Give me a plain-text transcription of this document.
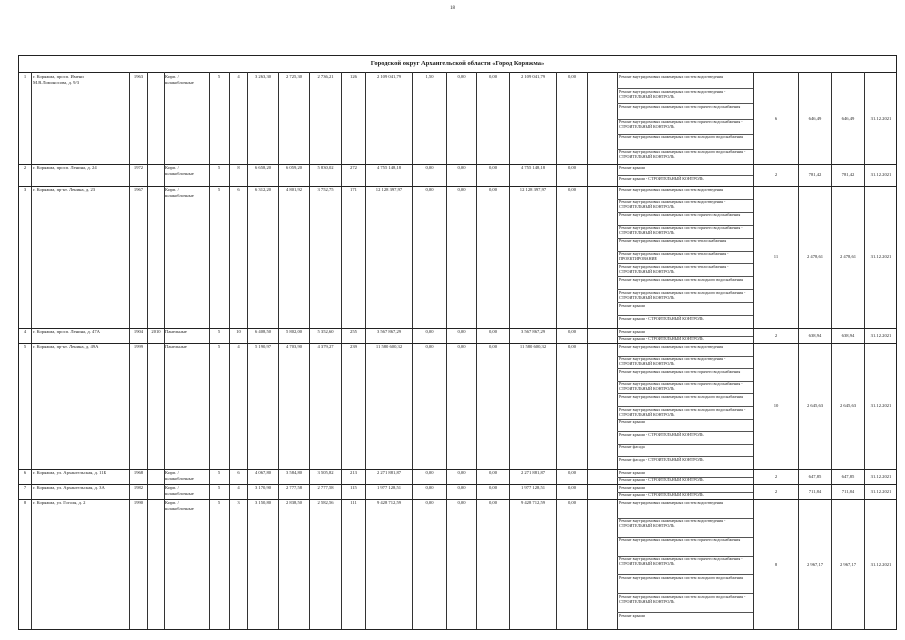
18
Городской округ Архангельской области «Город Коряжма»
1	г. Коряжма, просп. Имени
М.В.Ломоносова, д. 9/3
1963	Кирп. /
шлакоблочные
5	4	3 263,30	2 725,30	2 736,21	126	2 109 041,79	1,50	0,00	0,00	2 109 041,79	0,00	Ремонт внутридомовых инженерных систем водоотведения
Ремонт внутридомовых инженерных систем водоотведения - СТРОИТЕЛЬНЫЙ КОНТРОЛЬ
Ремонт внутридомовых инженерных систем горячего водоснабжения
Ремонт внутридомовых инженерных систем горячего водоснабжения - СТРОИТЕЛЬНЫЙ КОНТРОЛЬ
Ремонт внутридомовых инженерных систем холодного водоснабжения
Ремонт внутридомовых инженерных систем холодного водоснабжения - СТРОИТЕЛЬНЫЙ КОНТРОЛЬ
6	646,49	646,49	31.12.2021
2	г. Коряжма, просп. Ленина, д. 24	1972	Кирп. /
шлакоблочные
5	8	6 658,20	6 059,20	5 830,02	272	4 755 148,18	0,00	0,00	0,00	4 755 148,18	0,00	Ремонт крыши
Ремонт крыши - СТРОИТЕЛЬНЫЙ КОНТРОЛЬ
2	781,42	781,42	31.12.2021
3	г. Коряжма, пр-кт. Ленина, д. 23	1967	Кирп. /
шлакоблочные
5	6	6 312,20	4 801,92	3 752,75	171	12 128 397,97	0,00	0,00	0,00	12 128 397,97	0,00	Ремонт внутридомовых инженерных систем водоотведения
Ремонт внутридомовых инженерных систем водоотведения - СТРОИТЕЛЬНЫЙ КОНТРОЛЬ
Ремонт внутридомовых инженерных систем горячего водоснабжения
Ремонт внутридомовых инженерных систем горячего водоснабжения - СТРОИТЕЛЬНЫЙ КОНТРОЛЬ
Ремонт внутридомовых инженерных систем теплоснабжения
Ремонт внутридомовых инженерных систем теплоснабжения - ПРОЕКТИРОВАНИЕ
Ремонт внутридомовых инженерных систем теплоснабжения - СТРОИТЕЛЬНЫЙ КОНТРОЛЬ
Ремонт внутридомовых инженерных систем холодного водоснабжения
Ремонт внутридомовых инженерных систем холодного водоснабжения - СТРОИТЕЛЬНЫЙ КОНТРОЛЬ
Ремонт крыши
Ремонт крыши - СТРОИТЕЛЬНЫЙ КОНТРОЛЬ
11	2 478,61	2 478,61	31.12.2021
4	г. Коряжма, просп. Ленина, д. 47А	1904	2010 Панельные	5	10	6 408,50	5 802,00	5 352,60	255	3 567 867,29	0,00	0,00	0,00	3 567 867,29	0,00	Ремонт крыши
Ремонт крыши - СТРОИТЕЛЬНЫЙ КОНТРОЛЬ
2	638,94	638,94	31.12.2021
5	г. Коряжма, пр-кт. Ленина, д. 49А	1999	Панельные	5	4	5 190,97	4 703,90	4 379,27	239	11 580 600,32	0,00	0,00	0,00	11 580 600,32	0,00	Ремонт внутридомовых инженерных систем водоотведения
Ремонт внутридомовых инженерных систем водоотведения - СТРОИТЕЛЬНЫЙ КОНТРОЛЬ
Ремонт внутридомовых инженерных систем горячего водоснабжения
Ремонт внутридомовых инженерных систем горячего водоснабжения - СТРОИТЕЛЬНЫЙ КОНТРОЛЬ
Ремонт внутридомовых инженерных систем холодного водоснабжения
Ремонт внутридомовых инженерных систем холодного водоснабжения - СТРОИТЕЛЬНЫЙ КОНТРОЛЬ
Ремонт крыши
Ремонт крыши - СТРОИТЕЛЬНЫЙ КОНТРОЛЬ
Ремонт фасада
Ремонт фасада - СТРОИТЕЛЬНЫЙ КОНТРОЛЬ
10	2 645,63	2 645,63	31.12.2021
6	г. Коряжма, ул. Архангельская, д. 11Б	1968	Кирп. /
шлакоблочные
5	6	4 067,80	3 584,80	3 505,82	213	2 271 881,87	0,00	0,00	0,00	2 271 881,87	0,00	Ремонт крыши
Ремонт крыши - СТРОИТЕЛЬНЫЙ КОНТРОЛЬ
2	647,85	647,85	31.12.2021
7	г. Коряжма, ул. Архангельская, д. 3А	1982	Кирп. /
шлакоблочные
5	4	3 170,90	2 777,58	2 777,58	115	1 977 128,51	0,00	0,00	0,00	1 977 128,51	0,00	Ремонт крыши
Ремонт крыши - СТРОИТЕЛЬНЫЙ КОНТРОЛЬ
2	711,84	711,84	31.12.2021
8	г. Коряжма, ул. Гоголя, д. 2	1990	Кирп. /
шлакоблочные
5	3	3 150,80	2 838,50	2 582,56	111	9 428 712,59	0,00	0,00	0,00	9 428 712,59	0,00	Ремонт внутридомовых инженерных систем водоотведения
Ремонт внутридомовых инженерных систем водоотведения - СТРОИТЕЛЬНЫЙ КОНТРОЛЬ
Ремонт внутридомовых инженерных систем горячего водоснабжения
Ремонт внутридомовых инженерных систем горячего водоснабжения - СТРОИТЕЛЬНЫЙ КОНТРОЛЬ
Ремонт внутридомовых инженерных систем холодного водоснабжения
Ремонт внутридомовых инженерных систем холодного водоснабжения - СТРОИТЕЛЬНЫЙ КОНТРОЛЬ
Ремонт крыши
8	2 967,17	2 967,17	31.12.2021
